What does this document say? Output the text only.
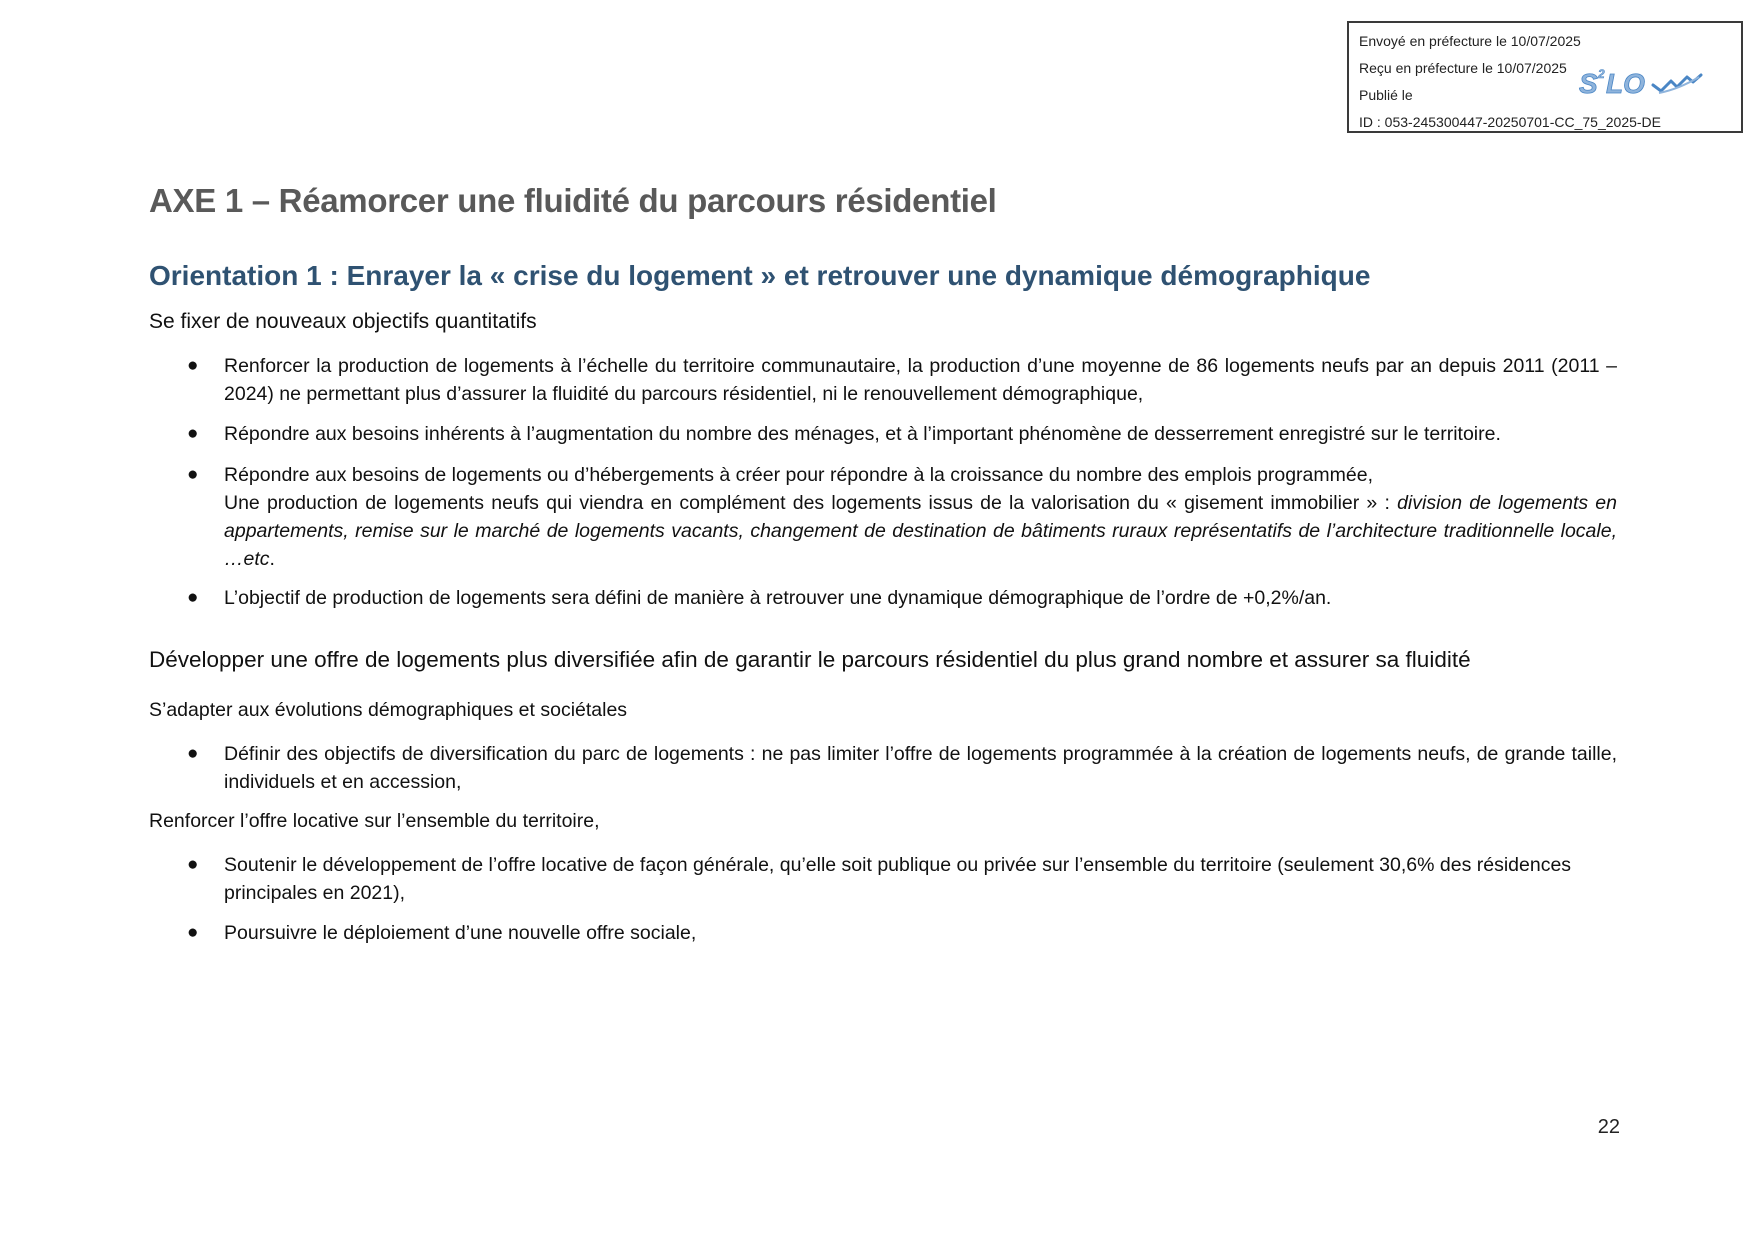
Envoyé en préfecture le 10/07/2025
Reçu en préfecture le 10/07/2025
Publié le
ID : 053-245300447-20250701-CC_75_2025-DE
S 2 LO
AXE 1 – Réamorcer une fluidité du parcours résidentiel
Orientation 1 : Enrayer la « crise du logement » et retrouver une dynamique démographique

Se fixer de nouveaux objectifs quantitatifs

● Renforcer la production de logements à l’échelle du territoire communautaire, la production d’une moyenne de 86 logements neufs par an depuis 2011 (2011 – 2024) ne permettant plus d’assurer la fluidité du parcours résidentiel, ni le renouvellement démographique,
● Répondre aux besoins inhérents à l’augmentation du nombre des ménages, et à l’important phénomène de desserrement enregistré sur le territoire.
● Répondre aux besoins de logements ou d’hébergements à créer pour répondre à la croissance du nombre des emplois programmée,
Une production de logements neufs qui viendra en complément des logements issus de la valorisation du « gisement immobilier » : division de logements en appartements, remise sur le marché de logements vacants, changement de destination de bâtiments ruraux représentatifs de l’architecture traditionnelle locale, …etc.
● L’objectif de production de logements sera défini de manière à retrouver une dynamique démographique de l’ordre de +0,2%/an.

Développer une offre de logements plus diversifiée afin de garantir le parcours résidentiel du plus grand nombre et assurer sa fluidité

S’adapter aux évolutions démographiques et sociétales

● Définir des objectifs de diversification du parc de logements : ne pas limiter l’offre de logements programmée à la création de logements neufs, de grande taille, individuels et en accession,

Renforcer l’offre locative sur l’ensemble du territoire,

● Soutenir le développement de l’offre locative de façon générale, qu’elle soit publique ou privée sur l’ensemble du territoire (seulement 30,6% des résidences principales en 2021),
● Poursuivre le déploiement d’une nouvelle offre sociale,
22
